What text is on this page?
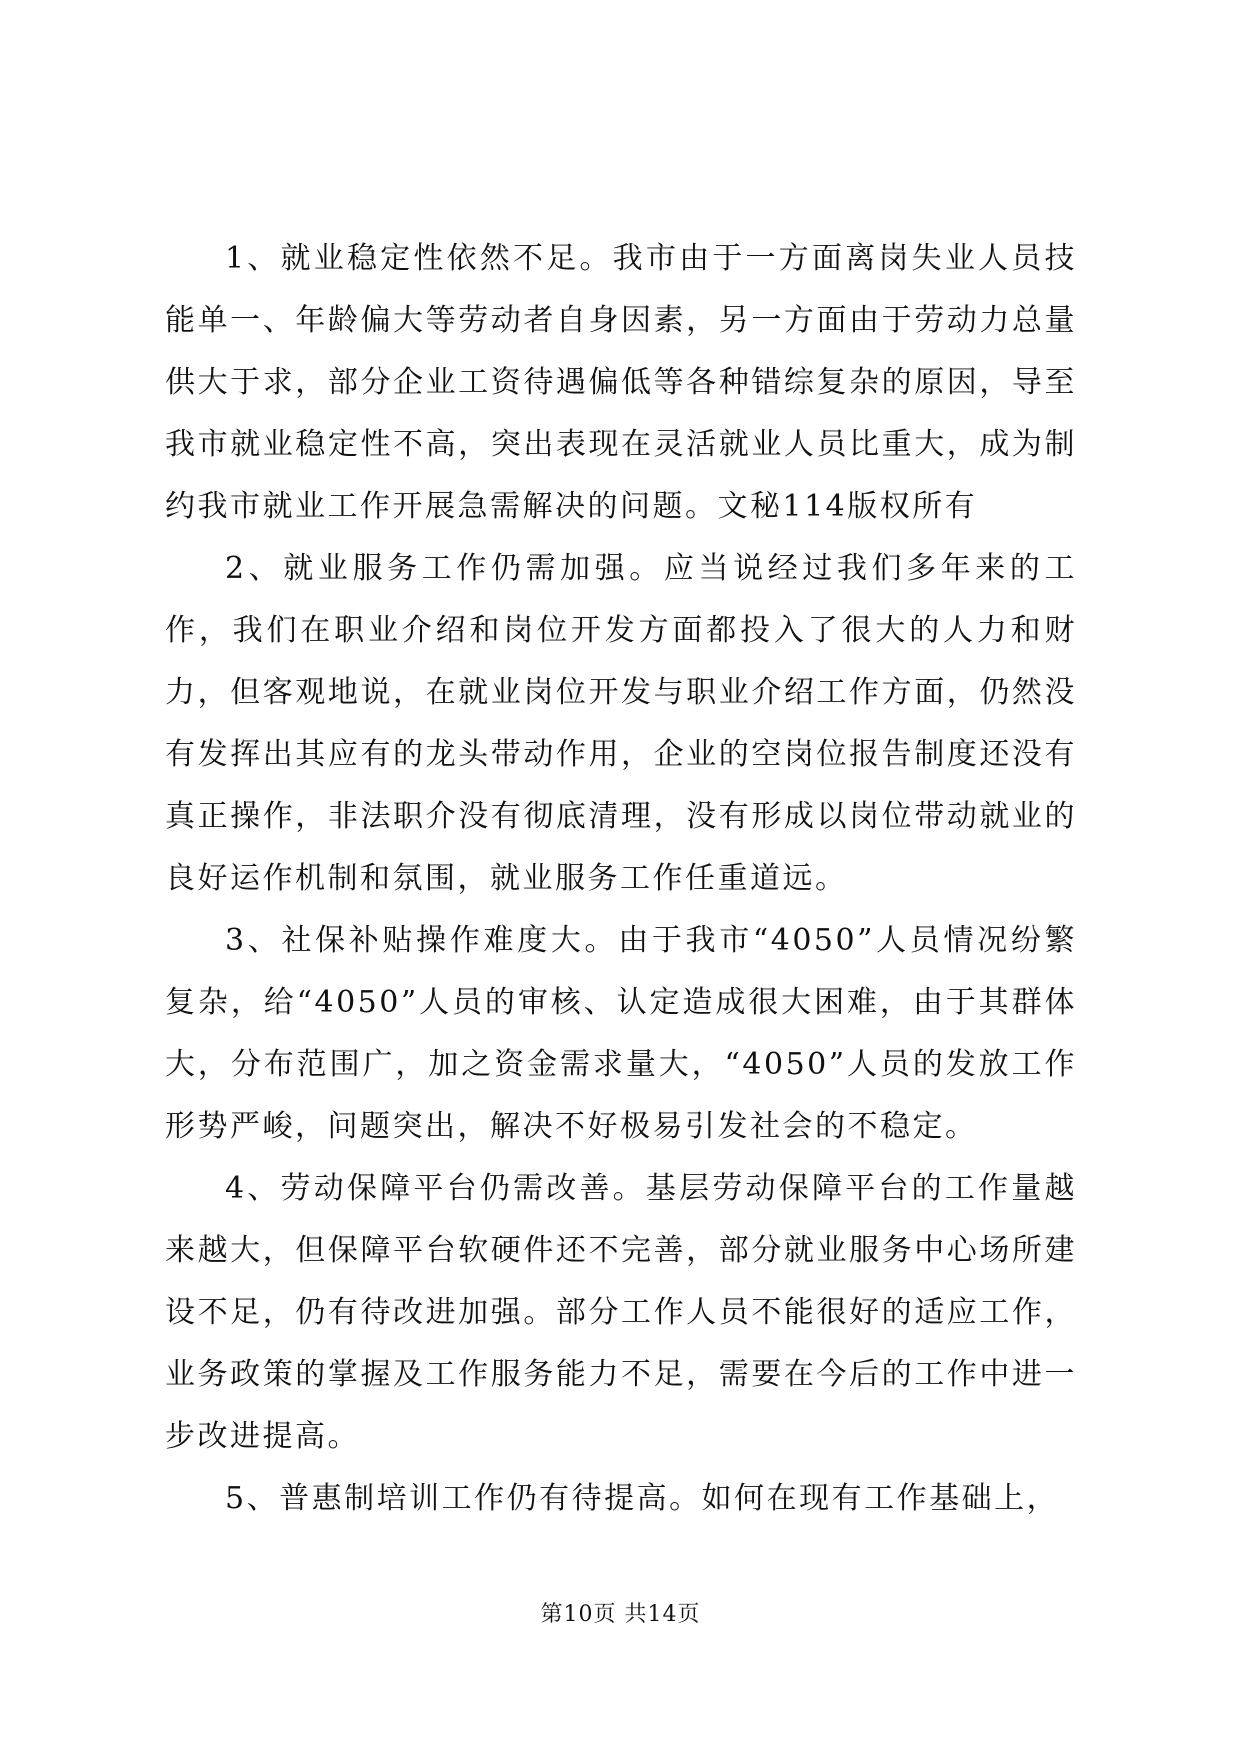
1、就业稳定性依然不足。我市由于一方面离岗失业人员技能单一、年龄偏大等劳动者自身因素，另一方面由于劳动力总量供大于求，部分企业工资待遇偏低等各种错综复杂的原因，导至我市就业稳定性不高，突出表现在灵活就业人员比重大，成为制约我市就业工作开展急需解决的问题。文秘114版权所有

2、就业服务工作仍需加强。应当说经过我们多年来的工作，我们在职业介绍和岗位开发方面都投入了很大的人力和财力，但客观地说，在就业岗位开发与职业介绍工作方面，仍然没有发挥出其应有的龙头带动作用，企业的空岗位报告制度还没有真正操作，非法职介没有彻底清理，没有形成以岗位带动就业的良好运作机制和氛围，就业服务工作任重道远。

3、社保补贴操作难度大。由于我市“4050”人员情况纷繁复杂，给“4050”人员的审核、认定造成很大困难，由于其群体大，分布范围广，加之资金需求量大，“4050”人员的发放工作形势严峻，问题突出，解决不好极易引发社会的不稳定。

4、劳动保障平台仍需改善。基层劳动保障平台的工作量越来越大，但保障平台软硬件还不完善，部分就业服务中心场所建设不足，仍有待改进加强。部分工作人员不能很好的适应工作，业务政策的掌握及工作服务能力不足，需要在今后的工作中进一步改进提高。

5、普惠制培训工作仍有待提高。如何在现有工作基础上，

第10页 共14页
